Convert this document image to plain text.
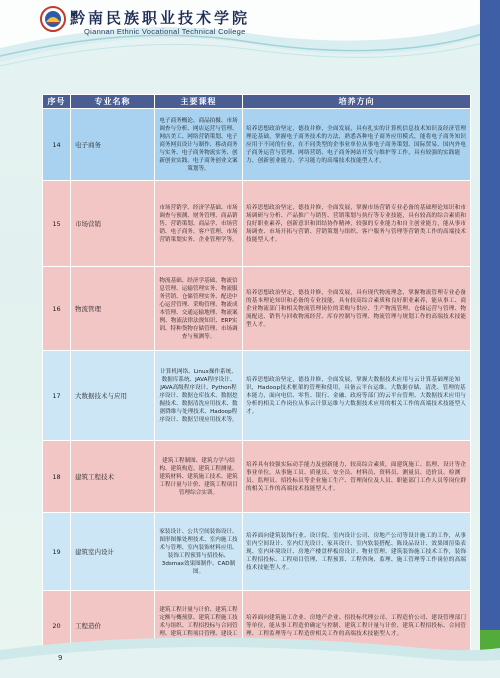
黔南民族职业技术学院
Qiannan Ethnic Vocational Technical College
序号	专业名称	主要课程	培养方向
14	电子商务	电子商务概论、商品拍摄、市场调查与分析、网店运营与管理、网店美工、网络营销策划、电子商务网页设计与制作、移动商务与实务、电子商务物流实务、创新创业实践、电子商务创业文案策划等。	培养思想政治坚定，德技并修，全面发展，具有扎实的计算机信息技术知识及经济管理理论基础，掌握电子商务技术的方法，熟悉各种电子商务应用模式，能将电子商务知识应用于不同的行业，在不同类型的企事业单位从事电子商务策划、国际贸易、国内外电子商务运营与管理、网络营销、电子商务网站开发与维护等工作，具有较强的实践能力、创新创业能力、学习能力的高端技术技能型人才。
15	市场营销	市场营销学、经济学基础、市场调查与预测、财务管理、商品销售、营销策划、商品学、市场营销、电子商务、客户管理、市场营销策划实务、企业管理学等。	培养思想政治坚定，德技并修，全面发展，掌握市场营销专业必备的基础理论知识和市场调研与分析、产品推广与销售、营销策划与执行等专业技能，具有较高的综合素质和良好职业素养，创新意识和团结协作精神，较强的专业能力和自主创业能力，能从事市场调查、市场开拓与营销、营销策划与组织、客户服务与管理等营销类工作的高端技术技能型人才。
16	物流管理	物流基础、经济学基础、物流信息管理、运输管理实务、物流服务营销、仓储管理实务、配送中心运营管理、采购管理、物流成本管理、交通运输地理、物流案例、物流法律法规知识、ERP实训、特种货物存储管理、市场调查与预测等。	培养思想政治坚定，德技并修，全面发展，具有现代物流理念，掌握物流管理专业必备的基本理论知识和必备的专业技能，具有较高综合素质和良好职业素养，能从事工、商企业物流部门和相关物流管理岗位的采购与供应、生产物流管理、仓储运营与管理、物流配送、销售与回收物流经营、库存控制与管理、物流管理与规划工作的高端技术技能型人才。
17	大数据技术与应用	计算机网络、Linux操作系统、数据库系统、JAVA程序设计、JAVA高级程序设计、Python程序设计、数据仓库技术、数据挖掘技术、数据清洗应用技术、数据降维与处理技术、Hadoop程序设计、数据呈现应用技术等。	培养思想政治坚定，德技并修，全面发展，掌握大数据技术应用与云计算基础理论知识，Hadoop技术框架的管理和使用，具备云平台运维、大数据存储、清洗、管理的基本能力，面向电信、零售、银行、金融、政府等部门的云平台管理、大数据技术应用与分析的相关工作岗位从事云计算运维与大数据技术应用的相关工作的高端技术技能型人才。
18	建筑工程技术	建筑工程制图、建筑力学与结构、建筑构造、建筑工程测量、建筑材料、建筑施工技术、建筑工程计量与计价、建筑工程项目管理综合实训。	培养具有较强实际动手能力及创新能力，较高综合素质，面建筑施工、监理、设计等企事业单位，从事施工员、质量员、安全员、材料员、资料员、测量员、造价员、检测员、监理员、招投标员等企业施工生产、管理岗位及人员、职能部门工作人员等岗位群的相关工作的高端技术技能型人才。
19	建筑室内设计	家装设计、公共空间装饰设计、图形图像处理技术、室内施工技术与管理、室内装饰材料应用、装饰工程预算与招投标、3dsmax效果图制作、CAD制图。	培养面向建筑装饰行业、设计院、室内设计公司、房地产公司等设计施工的工作，从事室内空间设计、室内灯光设计、家具设计、室内软装搭配、陈设品设计、效果图渲染表现、室内环境设计、房地产楼盘样板房设计、物业管理、建筑装饰施工技术工作，装饰工程招投标、工程项目管理、工程预算、工程咨询、监理、施工管理等工作岗位的高端技术技能型人才。
20	工程造价	建筑工程计量与计价、建筑工程定额与概预算、建筑工程施工技术与组织、工程招投标与合同管理、建筑工程项目管理、建设工	培养面向建筑施工企业、房地产企业、招投标代理公司、工程造价公司、建设管理部门等单位，能从事工程造价确定与控制、建筑工程计量与计价、建筑工程招投标、合同管理、工程监理等与工程造价相关工作的高端技术技能型人才。
9
